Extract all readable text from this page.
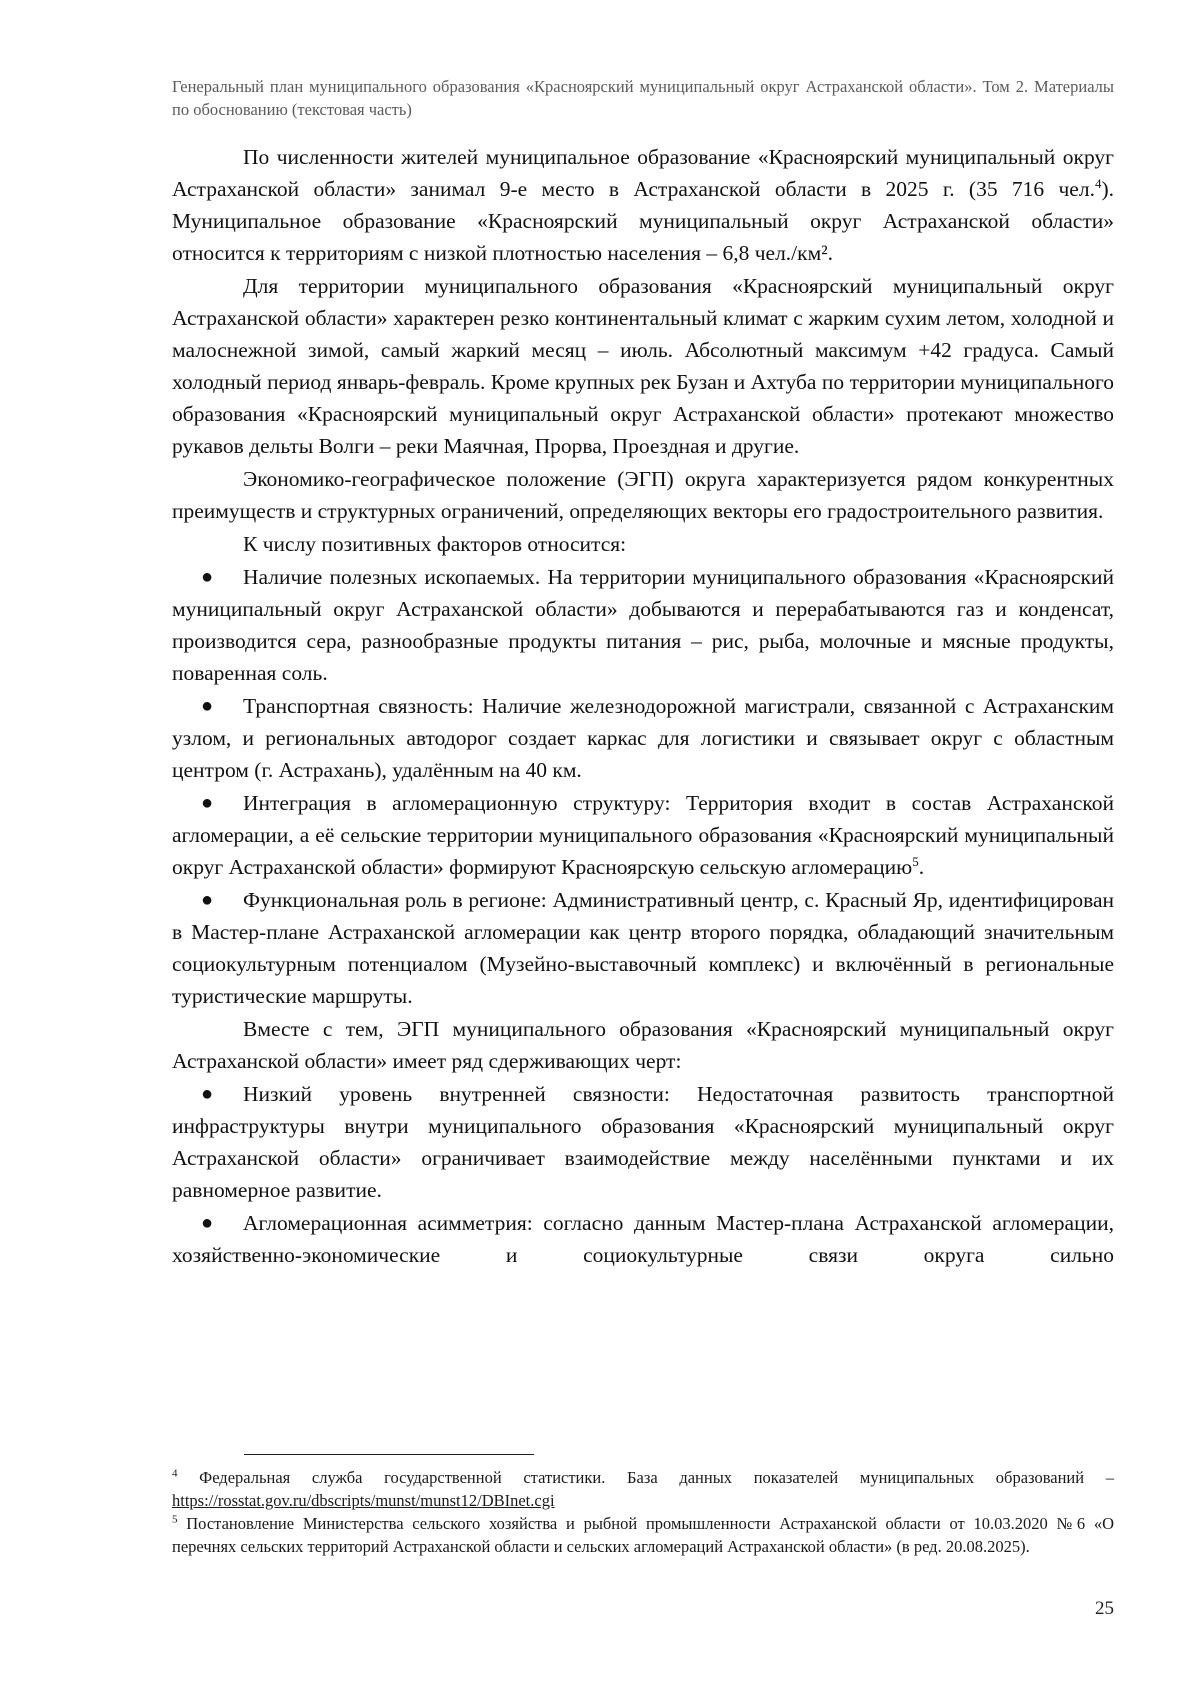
Генеральный план муниципального образования «Красноярский муниципальный округ Астраханской области». Том 2. Материалы по обоснованию (текстовая часть)

По численности жителей муниципальное образование «Красноярский муниципальный округ Астраханской области» занимал 9-е место в Астраханской области в 2025 г. (35 716 чел.$^4$). Муниципальное образование «Красноярский муниципальный округ Астраханской области» относится к территориям с низкой плотностью населения – 6,8 чел./км².

Для территории муниципального образования «Красноярский муниципальный округ Астраханской области» характерен резко континентальный климат с жарким сухим летом, холодной и малоснежной зимой, самый жаркий месяц – июль. Абсолютный максимум +42 градуса. Самый холодный период январь-февраль. Кроме крупных рек Бузан и Ахтуба по территории муниципального образования «Красноярский муниципальный округ Астраханской области» протекают множество рукавов дельты Волги – реки Маячная, Прорва, Проездная и другие.

Экономико-географическое положение (ЭГП) округа характеризуется рядом конкурентных преимуществ и структурных ограничений, определяющих векторы его градостроительного развития.

К числу позитивных факторов относится:

● Наличие полезных ископаемых. На территории муниципального образования «Красноярский муниципальный округ Астраханской области» добываются и перерабатываются газ и конденсат, производится сера, разнообразные продукты питания – рис, рыба, молочные и мясные продукты, поваренная соль.

● Транспортная связность: Наличие железнодорожной магистрали, связанной с Астраханским узлом, и региональных автодорог создает каркас для логистики и связывает округ с областным центром (г. Астрахань), удалённым на 40 км.

● Интеграция в агломерационную структуру: Территория входит в состав Астраханской агломерации, а её сельские территории муниципального образования «Красноярский муниципальный округ Астраханской области» формируют Красноярскую сельскую агломерацию$^5$.

● Функциональная роль в регионе: Административный центр, с. Красный Яр, идентифицирован в Мастер-плане Астраханской агломерации как центр второго порядка, обладающий значительным социокультурным потенциалом (Музейно-выставочный комплекс) и включённый в региональные туристические маршруты.

Вместе с тем, ЭГП муниципального образования «Красноярский муниципальный округ Астраханской области» имеет ряд сдерживающих черт:

● Низкий уровень внутренней связности: Недостаточная развитость транспортной инфраструктуры внутри муниципального образования «Красноярский муниципальный округ Астраханской области» ограничивает взаимодействие между населёнными пунктами и их равномерное развитие.

● Агломерационная асимметрия: согласно данным Мастер-плана Астраханской агломерации, хозяйственно-экономические и социокультурные связи округа сильно

$^4$ Федеральная служба государственной статистики. База данных показателей муниципальных образований – https://rosstat.gov.ru/dbscripts/munst/munst12/DBInet.cgi

$^5$ Постановление Министерства сельского хозяйства и рыбной промышленности Астраханской области от 10.03.2020 №6 «О перечнях сельских территорий Астраханской области и сельских агломераций Астраханской области» (в ред. 20.08.2025).

25
